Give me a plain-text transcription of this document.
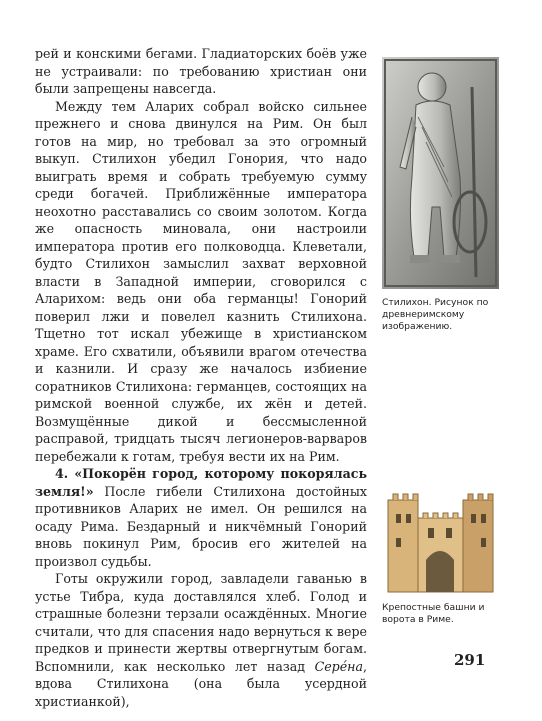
рей и конскими бегами. Гладиаторских боёв уже не устраивали: по требованию христиан они были запрещены навсегда.

Между тем Аларих собрал войско сильнее прежнего и снова двинулся на Рим. Он был готов на мир, но требовал за это огромный выкуп. Стилихон убедил Гонория, что надо выиграть время и собрать требуемую сумму среди богачей. Приближённые императора неохотно расставались со своим золотом. Когда же опасность миновала, они настроили императора против его полководца. Клеветали, будто Стилихон замыслил захват верховной власти в Западной империи, сговорился с Аларихом: ведь они оба германцы! Гонорий поверил лжи и повелел казнить Стилихона. Тщетно тот искал убежище в христианском храме. Его схватили, объявили врагом отечества и казнили. И сразу же началось избиение соратников Стилихона: германцев, состоящих на римской военной службе, их жён и детей. Возмущённые дикой и бессмысленной расправой, тридцать тысяч легионеров-варваров перебежали к готам, требуя вести их на Рим.

4. «Покорён город, которому покорялась земля!» После гибели Стилихона достойных противников Аларих не имел. Он решился на осаду Рима. Бездарный и никчёмный Гонорий вновь покинул Рим, бросив его жителей на произвол судьбы.

Готы окружили город, завладели гаванью в устье Тибра, куда доставлялся хлеб. Голод и страшные болезни терзали осаждённых. Многие считали, что для спасения надо вернуться к вере предков и принести жертвы отвергнутым богам. Вспомнили, как несколько лет назад Серéна, вдова Стилихона (она была усердной христианкой),

Стилихон. Рисунок по древнеримскому изображению.
Крепостные башни и ворота в Риме.
291
